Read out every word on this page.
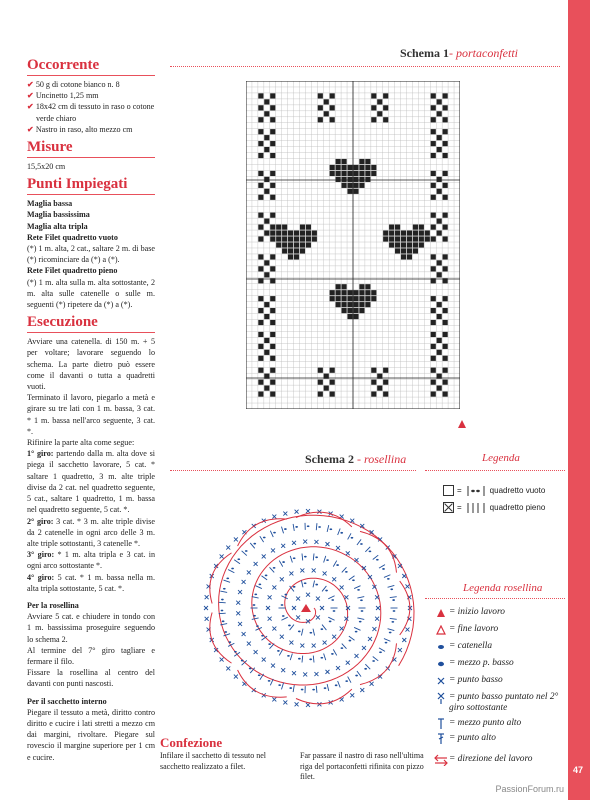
47
PassionForum.ru
Occorrente
✔ 50 g di cotone bianco n. 8
✔ Uncinetto 1,25 mm
✔ 18x42 cm di tessuto in raso o cotone verde chiaro
✔ Nastro in raso, alto mezzo cm
Misure
15,5x20 cm
Punti Impiegati
Maglia bassa
Maglia bassissima
Maglia alta tripla
Rete Filet quadretto vuoto
(*) 1 m. alta, 2 cat., saltare 2 m. di base (*) ricominciare da (*) a (*).
Rete Filet quadretto pieno
(*) 1 m. alta sulla m. alta sottostante, 2 m. alta sulle catenelle o sulle m. seguenti (*) ripetere da (*) a (*).
Esecuzione
Avviare una catenella. di 150 m. + 5 per voltare; lavorare seguendo lo schema. La parte dietro può essere come il davanti o tutta a quadretti vuoti.
Terminato il lavoro, piegarlo a metà e girare su tre lati con 1 m. bassa, 3 cat. * 1 m. bassa nell'arco seguente, 3 cat. *.
Rifinire la parte alta come segue:
1° giro: partendo dalla m. alta dove si piega il sacchetto lavorare, 5 cat. * saltare 1 quadretto, 3 m. alte triple divise da 2 cat. nel quadretto seguente, 5 cat., saltare 1 quadretto, 1 m. bassa nel quadretto seguente, 5 cat. *.
2° giro: 3 cat. * 3 m. alte triple divise da 2 catenelle in ogni arco delle 3 m. alte triple sottostanti, 3 catenelle *.
3° giro: * 1 m. alta tripla e 3 cat. in ogni arco sottostante *.
4° giro: 5 cat. * 1 m. bassa nella m. alta tripla sottostante, 5 cat. *.
Per la rosellina
Avviare 5 cat. e chiudere in tondo con 1 m. bassissima proseguire seguendo lo schema 2.
Al termine del 7° giro tagliare e fermare il filo.
Fissare la rosellina al centro del davanti con punti nascosti.
Per il sacchetto interno
Piegare il tessuto a metà, diritto contro diritto e cucire i lati stretti a mezzo cm dai margini, rivoltare. Piegare sul rovescio il margine superiore per 1 cm e cucire.
Schema 1- portaconfetti
Schema 2 - rosellina	Legenda
=	quadretto vuoto
=	quadretto pieno
Legenda rosellina
= inizio lavoro
= fine lavoro
= catenella
= mezzo p. basso
= punto basso
= punto basso puntato nel 2° giro sottostante
= mezzo punto alto
= punto alto
= direzione del lavoro
Confezione
Infilare il sacchetto di tessuto nel sacchetto realizzato a filet.
Far passare il nastro di raso nell'ultima riga del portaconfetti rifinita con pizzo filet.
